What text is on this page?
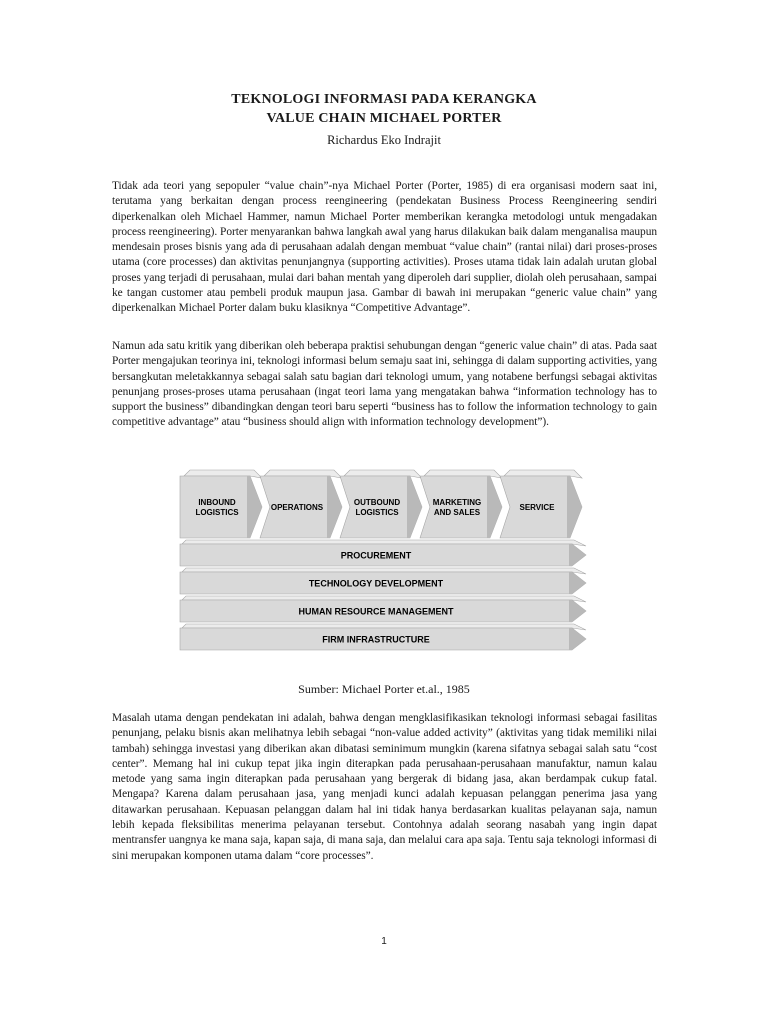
TEKNOLOGI INFORMASI PADA KERANGKA
VALUE CHAIN MICHAEL PORTER
Richardus Eko Indrajit

Tidak ada teori yang sepopuler “value chain”-nya Michael Porter (Porter, 1985) di era organisasi modern saat ini, terutama yang berkaitan dengan process reengineering (pendekatan Business Process Reengineering sendiri diperkenalkan oleh Michael Hammer, namun Michael Porter memberikan kerangka metodologi untuk mengadakan process reengineering). Porter menyarankan bahwa langkah awal yang harus dilakukan baik dalam menganalisa maupun mendesain proses bisnis yang ada di perusahaan adalah dengan membuat “value chain” (rantai nilai) dari proses-proses utama (core processes) dan aktivitas penunjangnya (supporting activities). Proses utama tidak lain adalah urutan global proses yang terjadi di perusahaan, mulai dari bahan mentah yang diperoleh dari supplier, diolah oleh perusahaan, sampai ke tangan customer atau pembeli produk maupun jasa. Gambar di bawah ini merupakan “generic value chain” yang diperkenalkan Michael Porter dalam buku klasiknya “Competitive Advantage”.

Namun ada satu kritik yang diberikan oleh beberapa praktisi sehubungan dengan “generic value chain” di atas. Pada saat Porter mengajukan teorinya ini, teknologi informasi belum semaju saat ini, sehingga di dalam supporting activities, yang bersangkutan meletakkannya sebagai salah satu bagian dari teknologi umum, yang notabene berfungsi sebagai aktivitas penunjang proses-proses utama perusahaan (ingat teori lama yang mengatakan bahwa “information technology has to support the business” dibandingkan dengan teori baru seperti “business has to follow the information technology to gain competitive advantage” atau “business should align with information technology development”).

INBOUND
LOGISTICS
OPERATIONS
OUTBOUND
LOGISTICS
MARKETING
AND SALES
SERVICE
PROCUREMENT
TECHNOLOGY DEVELOPMENT
HUMAN RESOURCE MANAGEMENT
FIRM INFRASTRUCTURE
Sumber: Michael Porter et.al., 1985

Masalah utama dengan pendekatan ini adalah, bahwa dengan mengklasifikasikan teknologi informasi sebagai fasilitas penunjang, pelaku bisnis akan melihatnya lebih sebagai “non-value added activity” (aktivitas yang tidak memiliki nilai tambah) sehingga investasi yang diberikan akan dibatasi seminimum mungkin (karena sifatnya sebagai salah satu “cost center”. Memang hal ini cukup tepat jika ingin diterapkan pada perusahaan-perusahaan manufaktur, namun kalau metode yang sama ingin diterapkan pada perusahaan yang bergerak di bidang jasa, akan berdampak cukup fatal. Mengapa? Karena dalam perusahaan jasa, yang menjadi kunci adalah kepuasan pelanggan penerima jasa yang ditawarkan perusahaan. Kepuasan pelanggan dalam hal ini tidak hanya berdasarkan kualitas pelayanan saja, namun lebih kepada fleksibilitas menerima pelayanan tersebut. Contohnya adalah seorang nasabah yang ingin dapat mentransfer uangnya ke mana saja, kapan saja, di mana saja, dan melalui cara apa saja. Tentu saja teknologi informasi di sini merupakan komponen utama dalam “core processes”.

1
